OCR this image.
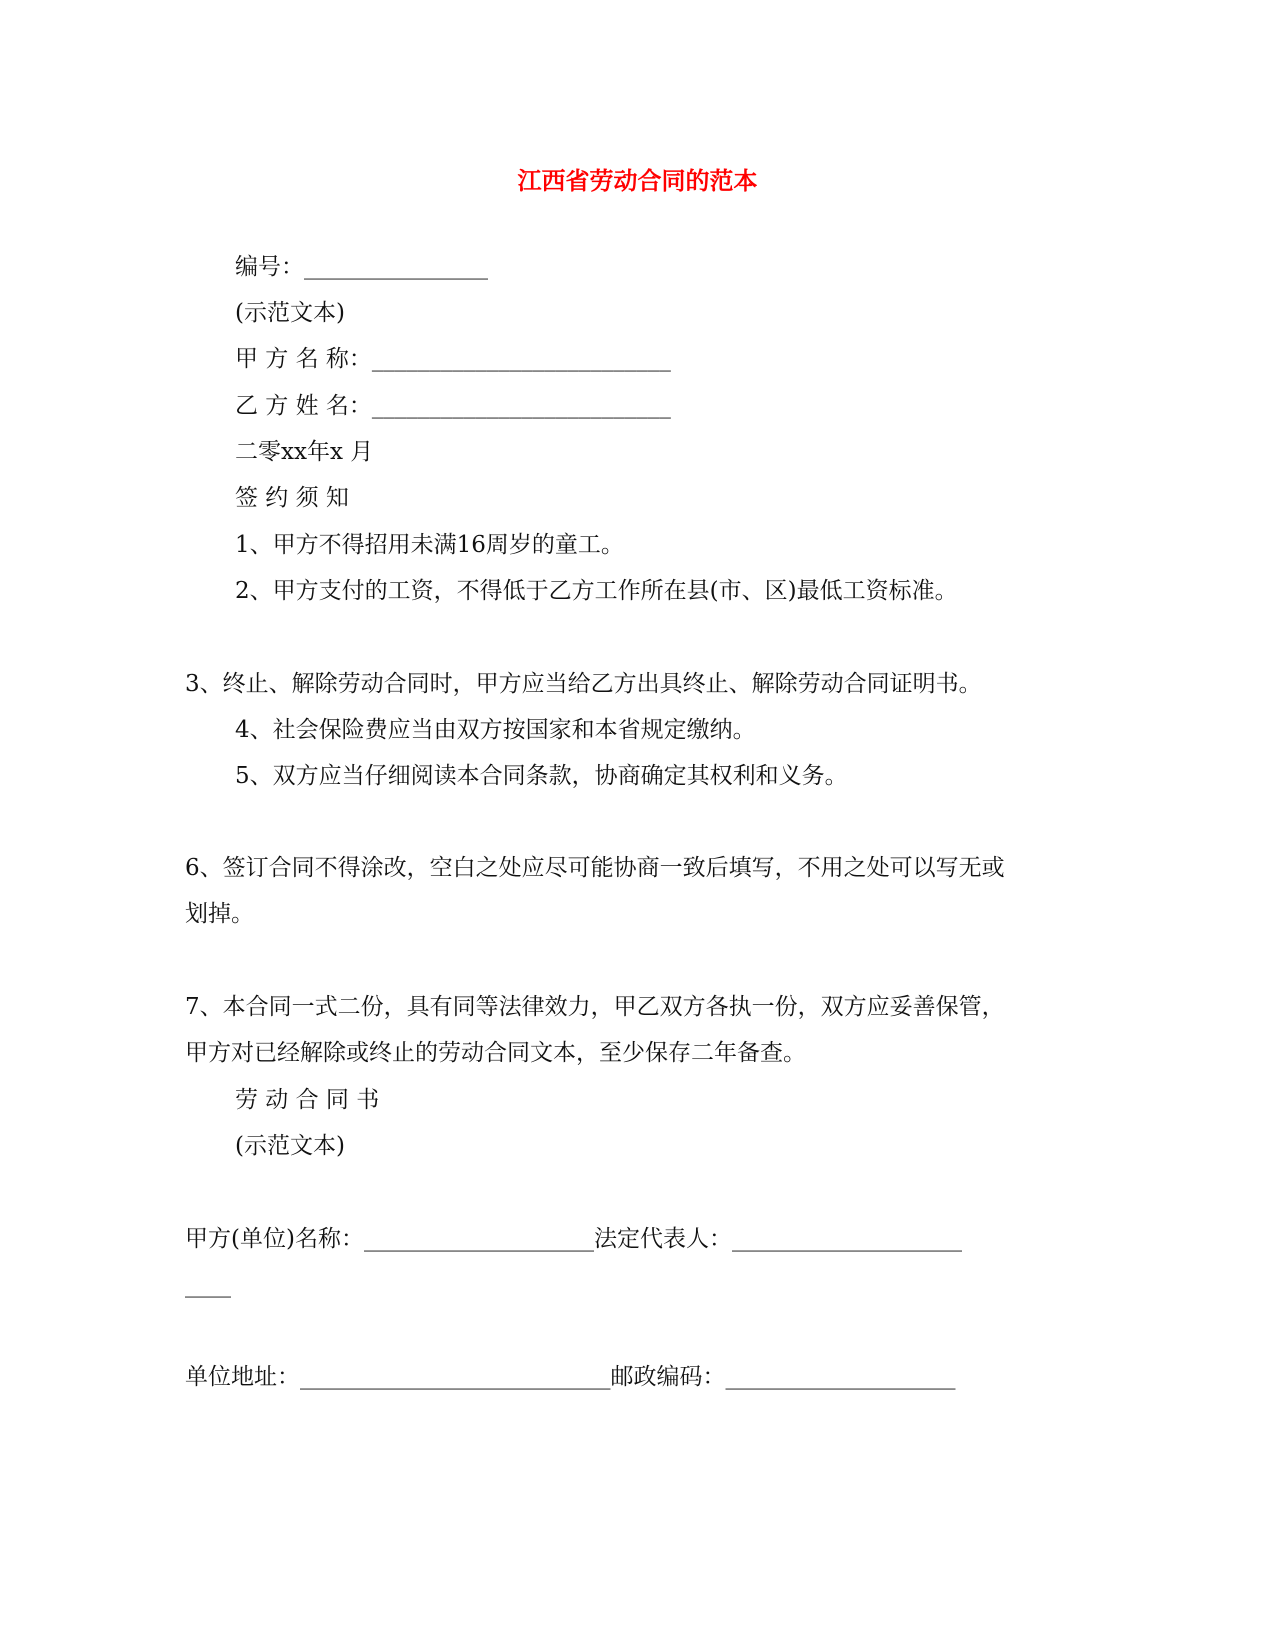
江西省劳动合同的范本
编号：________________
(示范文本)
甲 方 名 称：__________________________
乙 方 姓 名：__________________________
二零xx年x 月
签 约 须 知
1、甲方不得招用未满16周岁的童工。
2、甲方支付的工资，不得低于乙方工作所在县(市、区)最低工资标准。
3、终止、解除劳动合同时，甲方应当给乙方出具终止、解除劳动合同证明书。
4、社会保险费应当由双方按国家和本省规定缴纳。
5、双方应当仔细阅读本合同条款，协商确定其权利和义务。
6、签订合同不得涂改，空白之处应尽可能协商一致后填写，不用之处可以写无或
划掉。
7、本合同一式二份，具有同等法律效力，甲乙双方各执一份，双方应妥善保管，
甲方对已经解除或终止的劳动合同文本，至少保存二年备查。
劳 动 合 同 书
(示范文本)
甲方(单位)名称：____________________法定代表人：____________________
____
单位地址：___________________________邮政编码：____________________
